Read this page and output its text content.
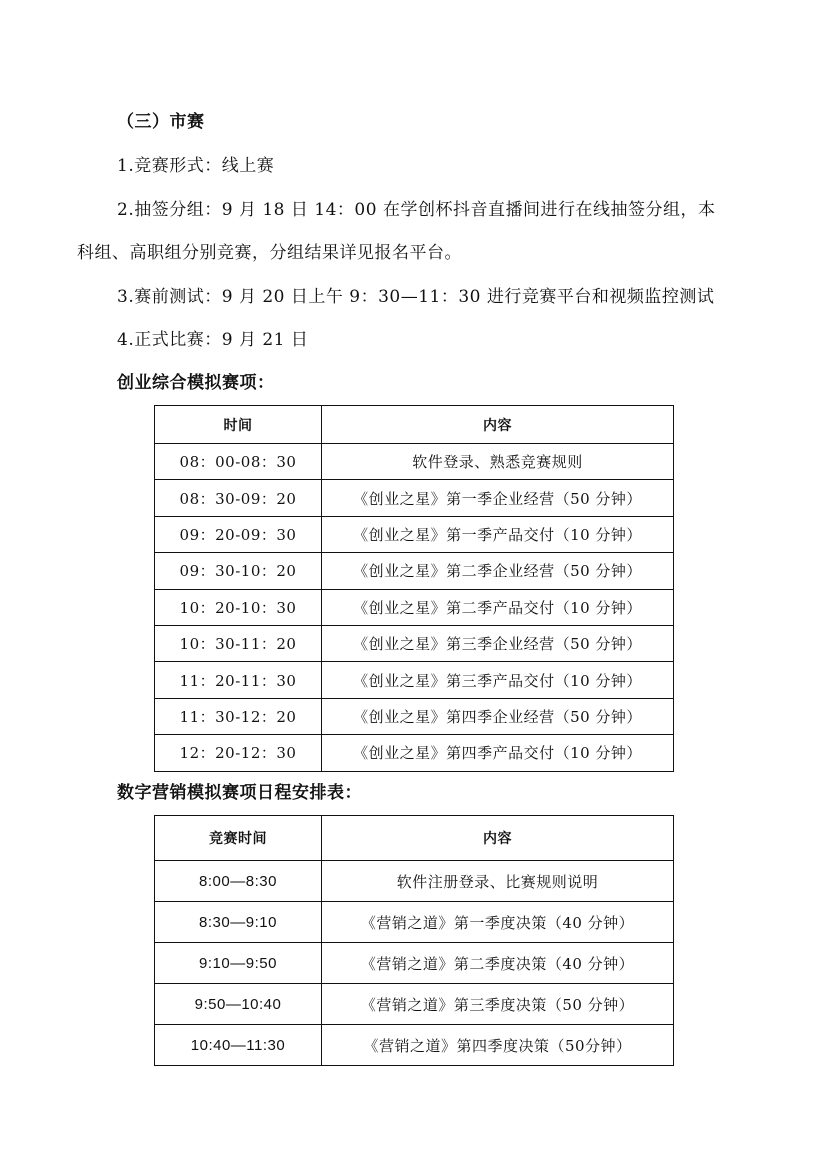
（三）市赛
1.竞赛形式：线上赛
2.抽签分组：9 月 18 日 14：00 在学创杯抖音直播间进行在线抽签分组，本
科组、高职组分别竞赛，分组结果详见报名平台。
3.赛前测试：9 月 20 日上午 9：30—11：30 进行竞赛平台和视频监控测试
4.正式比赛：9 月 21 日
创业综合模拟赛项：
时间	内容
08：00-08：30	软件登录、熟悉竞赛规则
08：30-09：20	《创业之星》第一季企业经营（50 分钟）
09：20-09：30	《创业之星》第一季产品交付（10 分钟）
09：30-10：20	《创业之星》第二季企业经营（50 分钟）
10：20-10：30	《创业之星》第二季产品交付（10 分钟）
10：30-11：20	《创业之星》第三季企业经营（50 分钟）
11：20-11：30	《创业之星》第三季产品交付（10 分钟）
11：30-12：20	《创业之星》第四季企业经营（50 分钟）
12：20-12：30	《创业之星》第四季产品交付（10 分钟）
数字营销模拟赛项日程安排表：
竞赛时间	内容
8:00—8:30	软件注册登录、比赛规则说明
8:30—9:10	《营销之道》第一季度决策（40 分钟）
9:10—9:50	《营销之道》第二季度决策（40 分钟）
9:50—10:40	《营销之道》第三季度决策（50 分钟）
10:40—11:30	《营销之道》第四季度决策（50分钟）
